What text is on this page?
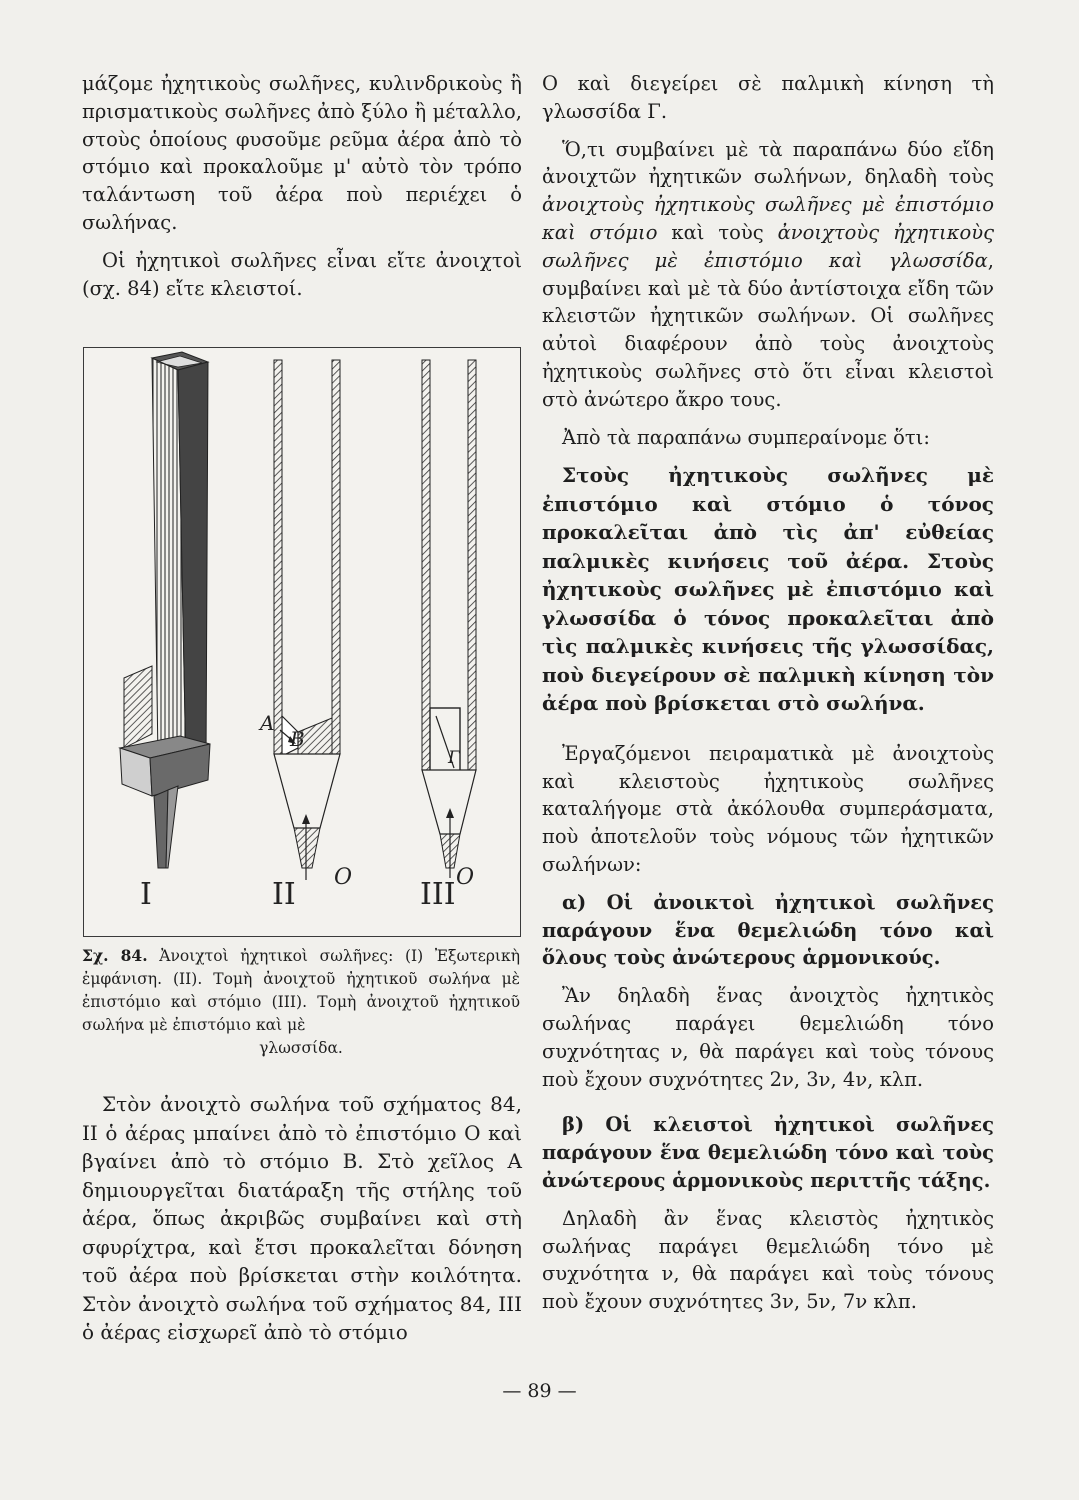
μάζομε ἠχητικοὺς σωλῆνες, κυλινδρικοὺς ἢ πρισματικοὺς σωλῆνες ἀπὸ ξύλο ἢ μέταλλο, στοὺς ὁποίους φυσοῦμε ρεῦμα ἀέρα ἀπὸ τὸ στόμιο καὶ προκαλοῦμε μ' αὐτὸ τὸν τρόπο ταλάντωση τοῦ ἀέρα ποὺ περιέχει ὁ σωλήνας.

Οἱ ἠχητικοὶ σωλῆνες εἶναι εἴτε ἀνοιχτοὶ (σχ. 84) εἴτε κλειστοί.

I	II O III O
A
B
Γ

Σχ. 84. Ἀνοιχτοὶ ἠχητικοὶ σωλῆνες: (Ι) Ἐξωτερικὴ ἐμφάνιση. (ΙΙ). Τομὴ ἀνοιχτοῦ ἠχητικοῦ σωλήνα μὲ ἐπιστόμιο καὶ στόμιο (ΙΙΙ). Τομὴ ἀνοιχτοῦ ἠχητικοῦ σωλήνα μὲ ἐπιστόμιο καὶ μὲ

γλωσσίδα.

Στὸν ἀνοιχτὸ σωλήνα τοῦ σχήματος 84, ΙΙ ὁ ἀέρας μπαίνει ἀπὸ τὸ ἐπιστόμιο Ο καὶ βγαίνει ἀπὸ τὸ στόμιο Β. Στὸ χεῖλος Α δημιουργεῖται διατάραξη τῆς στήλης τοῦ ἀέρα, ὅπως ἀκριβῶς συμβαίνει καὶ στὴ σφυρίχτρα, καὶ ἔτσι προκαλεῖται δόνηση τοῦ ἀέρα ποὺ βρίσκεται στὴν κοιλότητα. Στὸν ἀνοιχτὸ σωλήνα τοῦ σχήματος 84, ΙΙΙ ὁ ἀέρας εἰσχωρεῖ ἀπὸ τὸ στόμιο

Ο καὶ διεγείρει σὲ παλμικὴ κίνηση τὴ γλωσσίδα Γ.

Ὅ,τι συμβαίνει μὲ τὰ παραπάνω δύο εἴδη ἀνοιχτῶν ἠχητικῶν σωλήνων, δηλαδὴ τοὺς ἀνοιχτοὺς ἠχητικοὺς σωλῆνες μὲ ἐπιστόμιο καὶ στόμιο καὶ τοὺς ἀνοιχτοὺς ἠχητικοὺς σωλῆνες μὲ ἐπιστόμιο καὶ γλωσσίδα, συμβαίνει καὶ μὲ τὰ δύο ἀντίστοιχα εἴδη τῶν κλειστῶν ἠχητικῶν σωλήνων. Οἱ σωλῆνες αὐτοὶ διαφέρουν ἀπὸ τοὺς ἀνοιχτοὺς ἠχητικοὺς σωλῆνες στὸ ὅτι εἶναι κλειστοὶ στὸ ἀνώτερο ἄκρο τους.

Ἀπὸ τὰ παραπάνω συμπεραίνομε ὅτι:

Στοὺς ἠχητικοὺς σωλῆνες μὲ ἐπιστόμιο καὶ στόμιο ὁ τόνος προκαλεῖται ἀπὸ τὶς ἀπ' εὐθείας παλμικὲς κινήσεις τοῦ ἀέρα. Στοὺς ἠχητικοὺς σωλῆνες μὲ ἐπιστόμιο καὶ γλωσσίδα ὁ τόνος προκαλεῖται ἀπὸ τὶς παλμικὲς κινήσεις τῆς γλωσσίδας, ποὺ διεγείρουν σὲ παλμικὴ κίνηση τὸν ἀέρα ποὺ βρίσκεται στὸ σωλήνα.

Ἐργαζόμενοι πειραματικὰ μὲ ἀνοιχτοὺς καὶ κλειστοὺς ἠχητικοὺς σωλῆνες καταλήγομε στὰ ἀκόλουθα συμπεράσματα, ποὺ ἀποτελοῦν τοὺς νόμους τῶν ἠχητικῶν σωλήνων:

α) Οἱ ἀνοικτοὶ ἠχητικοὶ σωλῆνες παράγουν ἕνα θεμελιώδη τόνο καὶ ὅλους τοὺς ἀνώτερους ἁρμονικούς.

Ἂν δηλαδὴ ἕνας ἀνοιχτὸς ἠχητικὸς σωλήνας παράγει θεμελιώδη τόνο συχνότητας ν, θὰ παράγει καὶ τοὺς τόνους ποὺ ἔχουν συχνότητες 2ν, 3ν, 4ν, κλπ.

β) Οἱ κλειστοὶ ἠχητικοὶ σωλῆνες παράγουν ἕνα θεμελιώδη τόνο καὶ τοὺς ἀνώτερους ἁρμονικοὺς περιττῆς τάξης.

Δηλαδὴ ἂν ἕνας κλειστὸς ἠχητικὸς σωλήνας παράγει θεμελιώδη τόνο μὲ συχνότητα ν, θὰ παράγει καὶ τοὺς τόνους ποὺ ἔχουν συχνότητες 3ν, 5ν, 7ν κλπ.

— 89 —
